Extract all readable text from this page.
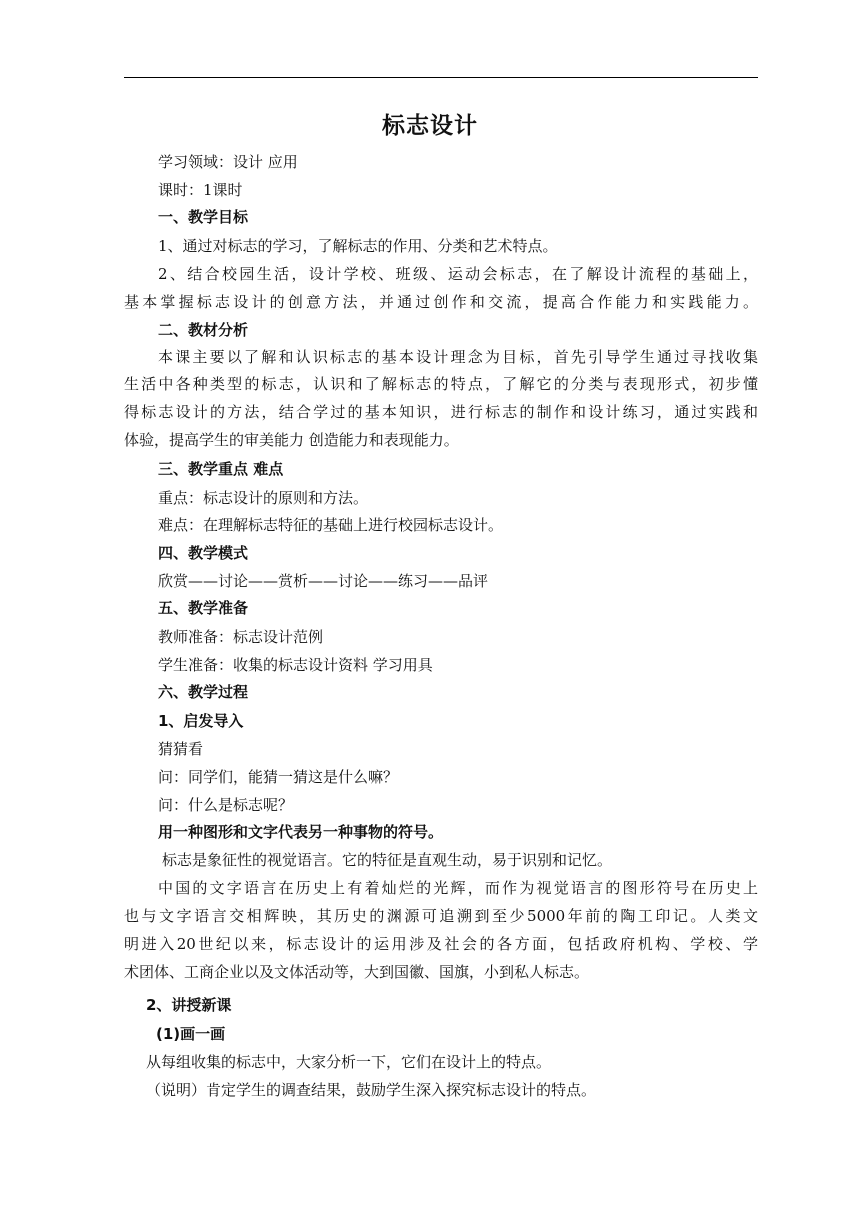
标志设计
学习领域：设计 应用
课时：1课时
一、教学目标
1、通过对标志的学习，了解标志的作用、分类和艺术特点。
2、结合校园生活，设计学校、班级、运动会标志，在了解设计流程的基础上，
基本掌握标志设计的创意方法，并通过创作和交流，提高合作能力和实践能力。
二、教材分析
本课主要以了解和认识标志的基本设计理念为目标，首先引导学生通过寻找收集
生活中各种类型的标志，认识和了解标志的特点，了解它的分类与表现形式，初步懂
得标志设计的方法，结合学过的基本知识，进行标志的制作和设计练习，通过实践和
体验，提高学生的审美能力 创造能力和表现能力。
三、教学重点 难点
重点：标志设计的原则和方法。
难点：在理解标志特征的基础上进行校园标志设计。
四、教学模式
欣赏——讨论——赏析——讨论——练习——品评
五、教学准备
教师准备：标志设计范例
学生准备：收集的标志设计资料 学习用具
六、教学过程
1、启发导入
猜猜看
问：同学们，能猜一猜这是什么嘛？
问：什么是标志呢？
用一种图形和文字代表另一种事物的符号。
标志是象征性的视觉语言。它的特征是直观生动，易于识别和记忆。
中国的文字语言在历史上有着灿烂的光辉，而作为视觉语言的图形符号在历史上
也与文字语言交相辉映，其历史的渊源可追溯到至少5000年前的陶工印记。人类文
明进入20世纪以来，标志设计的运用涉及社会的各方面，包括政府机构、学校、学
术团体、工商企业以及文体活动等，大到国徽、国旗，小到私人标志。
2、讲授新课
(1)画一画
从每组收集的标志中，大家分析一下，它们在设计上的特点。
（说明）肯定学生的调查结果，鼓励学生深入探究标志设计的特点。
